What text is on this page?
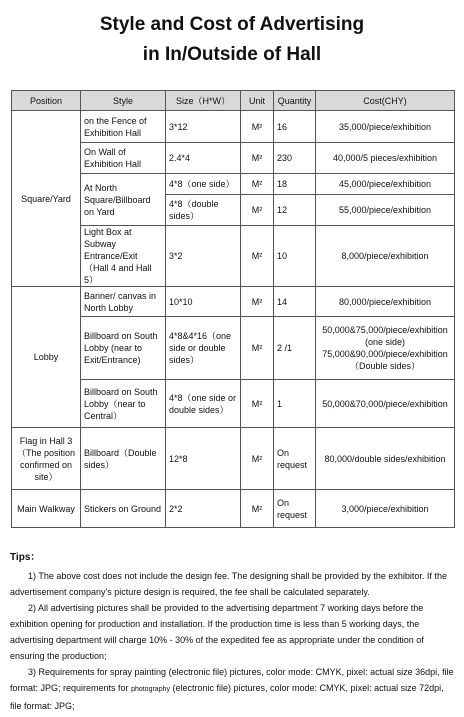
Style and Cost of Advertising
in In/Outside of Hall
Position	Style	Size（H*W）	Unit	Quantity	Cost(CHY)
Square/Yard	on the Fence of Exhibition Hall	3*12	M²	16	35,000/piece/exhibition
	On Wall of Exhibition Hall	2.4*4	M²	230	40,000/5 pieces/exhibition
	At North Square/Billboard on Yard	4*8（one side）	M²	18	45,000/piece/exhibition
		4*8（double sides）	M²	12	55,000/piece/exhibition
	Light Box at Subway Entrance/Exit（Hall 4 and Hall 5）	3*2	M²	10	8,000/piece/exhibition
Lobby	Banner/ canvas in North Lobby	10*10	M²	14	80,000/piece/exhibition
	Billboard on South Lobby (near to Exit/Entrance)	4*8&4*16（one side or double sides）	M²	2 /1	50,000&75,000/piece/exhibition (one side) 75,000&90,000/piece/exhibition（Double sides）
	Billboard on South Lobby（near to Central）	4*8（one side or double sides）	M²	1	50,000&70,000/piece/exhibition
Flag in Hall 3（The position confirmed on site）	Billboard（Double sides）	12*8	M²	On request	80,000/double sides/exhibition
Main Walkway	Stickers on Ground	2*2	M²	On request	3,000/piece/exhibition
Tips：

1) The above cost does not include the design fee. The designing shall be provided by the exhibitor. If the advertisement company's picture design is required, the fee shall be calculated separately.

2) All advertising pictures shall be provided to the advertising department 7 working days before the exhibition opening for production and installation. If the production time is less than 5 working days, the advertising department will charge 10% - 30% of the expedited fee as appropriate under the condition of ensuring the production;

3) Requirements for spray painting (electronic file) pictures, color mode: CMYK, pixel: actual size 36dpi, file format: JPG; requirements for photography (electronic file) pictures, color mode: CMYK, pixel: actual size 72dpi, file format: JPG;
